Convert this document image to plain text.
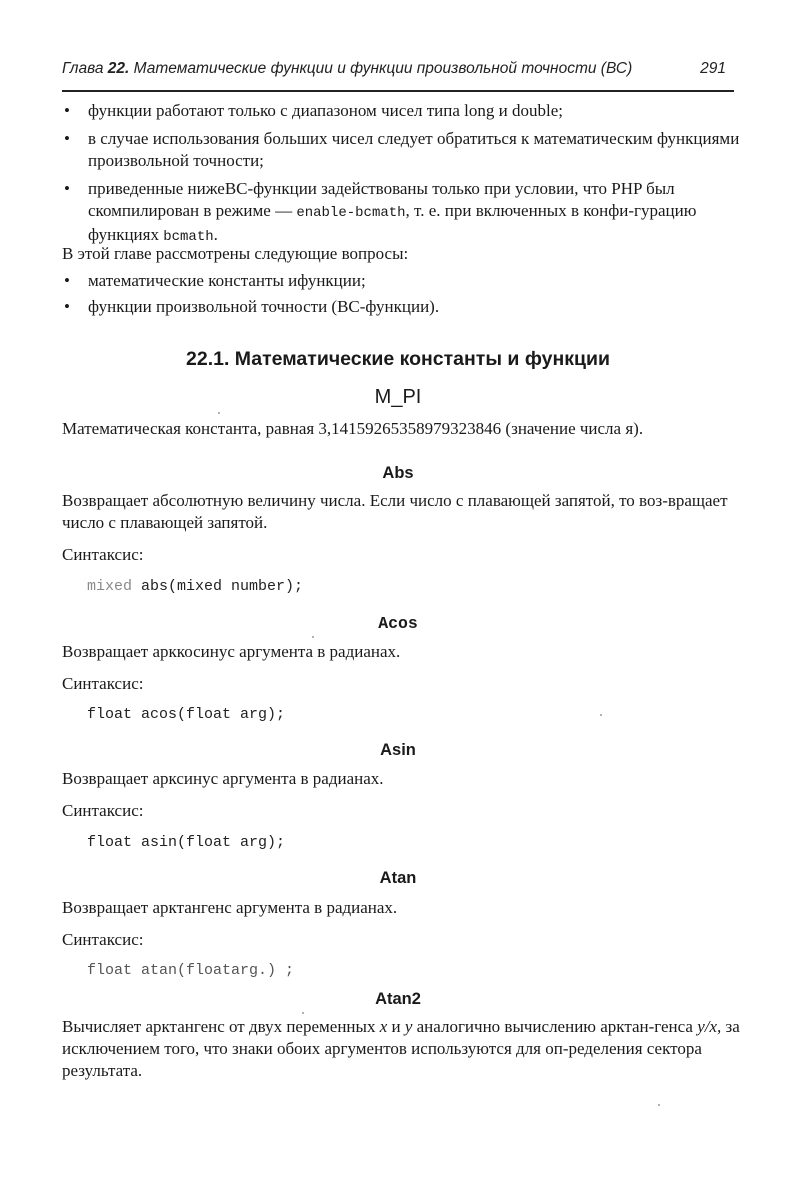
Глава 22. Математические функции и функции произвольной точности (ВС)	291
• функции работают только с диапазоном чисел типа long и double;
• в случае использования больших чисел следует обратиться к математическим функциями произвольной точности;
• приведенные нижеВС-функции задействованы только при условии, что PHP был скомпилирован в режиме — enable-bcmath, т. е. при включенных в конфи-гурацию функциях bcmath.
В этой главе рассмотрены следующие вопросы:
• математические константы ифункции;
• функции произвольной точности (ВС-функции).
22.1. Математические константы и функции
M_PI
Математическая константа, равная 3,14159265358979323846 (значение числа я).
Abs
Возвращает абсолютную величину числа. Если число с плавающей запятой, то воз-вращает число с плавающей запятой.
Синтаксис:
mixed abs(mixed number);
Acos
Возвращает арккосинус аргумента в радианах.
Синтаксис:
float acos(float arg);
Asin
Возвращает арксинус аргумента в радианах.
Синтаксис:
float asin(float arg);
Atan
Возвращает арктангенс аргумента в радианах.
Синтаксис:
float atan(floatarg.) ;
Atan2
Вычисляет арктангенс от двух переменных x и y аналогично вычислению арктан-генса y/x, за исключением того, что знаки обоих аргументов используются для оп-ределения сектора результата.
